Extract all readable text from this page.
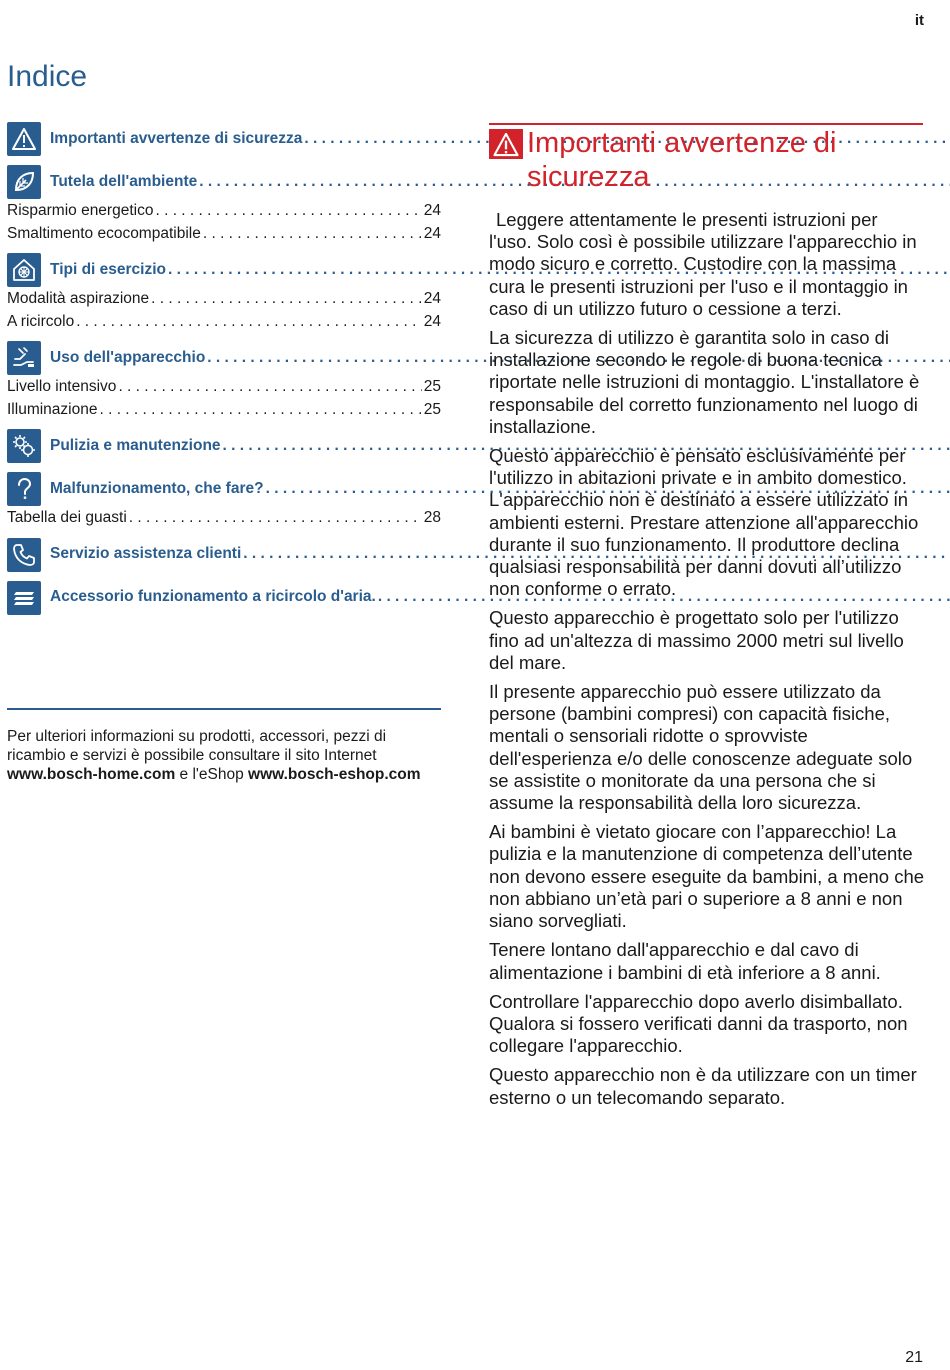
it
Indice
Importanti avvertenze di sicurezza
. . .
Tutela dell'ambiente
. . .
Risparmio energetico . . .	24
Smaltimento ecocompatibile . . .	24
Tipi di esercizio
. . .
Modalità aspirazione . . .	24
A ricircolo . . .	24
Uso dell'apparecchio
. . .
Livello intensivo . . .	25
Illuminazione . . .	25
Pulizia e manutenzione
. . .
Malfunzionamento, che fare?
. . .
Tabella dei guasti . . .	28
Servizio assistenza clienti
. . .
Accessorio funzionamento a ricircolo d'aria.
. . .

Per ulteriori informazioni su prodotti, accessori, pezzi di ricambio e servizi è possibile consultare il sito Internet www.bosch-home.com e l'eShop www.bosch-eshop.com

Importanti avvertenze di sicurezza

Leggere attentamente le presenti istruzioni per l'uso. Solo così è possibile utilizzare l'apparecchio in modo sicuro e corretto. Custodire con la massima cura le presenti istruzioni per l'uso e il montaggio in caso di un utilizzo futuro o cessione a terzi.

La sicurezza di utilizzo è garantita solo in caso di installazione secondo le regole di buona tecnica riportate nelle istruzioni di montaggio. L'installatore è responsabile del corretto funzionamento nel luogo di installazione.

Questo apparecchio è pensato esclusivamente per l'utilizzo in abitazioni private e in ambito domestico. L'apparecchio non è destinato a essere utilizzato in ambienti esterni. Prestare attenzione all'apparecchio durante il suo funzionamento. Il produttore declina qualsiasi responsabilità per danni dovuti all’utilizzo non conforme o errato.

Questo apparecchio è progettato solo per l'utilizzo fino ad un'altezza di massimo 2000 metri sul livello del mare.

Il presente apparecchio può essere utilizzato da persone (bambini compresi) con capacità fisiche, mentali o sensoriali ridotte o sprovviste dell'esperienza e/o delle conoscenze adeguate solo se assistite o monitorate da una persona che si assume la responsabilità della loro sicurezza.

Ai bambini è vietato giocare con l’apparecchio! La pulizia e la manutenzione di competenza dell’utente non devono essere eseguite da bambini, a meno che non abbiano un’età pari o superiore a 8 anni e non siano sorvegliati.

Tenere lontano dall'apparecchio e dal cavo di alimentazione i bambini di età inferiore a 8 anni.

Controllare l'apparecchio dopo averlo disimballato. Qualora si fossero verificati danni da trasporto, non collegare l'apparecchio.

Questo apparecchio non è da utilizzare con un timer esterno o un telecomando separato.

21
